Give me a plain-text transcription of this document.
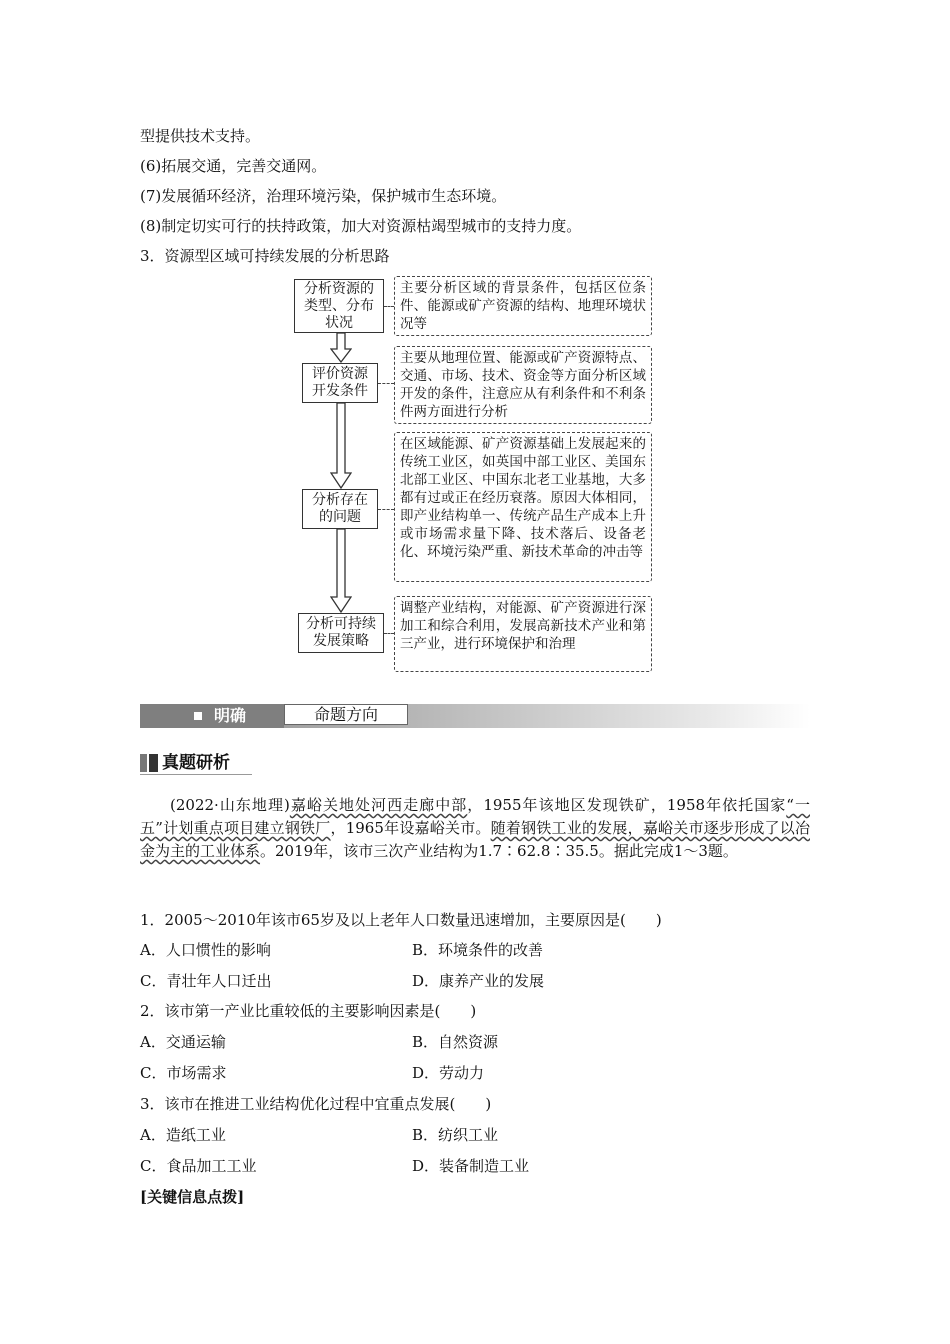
型提供技术支持。
(6)拓展交通，完善交通网。
(7)发展循环经济，治理环境污染，保护城市生态环境。
(8)制定切实可行的扶持政策，加大对资源枯竭型城市的支持力度。
3．资源型区域可持续发展的分析思路
分析资源的类型、分布状况
评价资源开发条件
分析存在的问题
分析可持续发展策略
主要分析区域的背景条件，包括区位条件、能源或矿产资源的结构、地理环境状况等
主要从地理位置、能源或矿产资源特点、交通、市场、技术、资金等方面分析区域开发的条件，注意应从有利条件和不利条件两方面进行分析
在区域能源、矿产资源基础上发展起来的传统工业区，如英国中部工业区、美国东北部工业区、中国东北老工业基地，大多都有过或正在经历衰落。原因大体相同，即产业结构单一、传统产品生产成本上升或市场需求量下降、技术落后、设备老化、环境污染严重、新技术革命的冲击等
调整产业结构，对能源、矿产资源进行深加工和综合利用，发展高新技术产业和第三产业，进行环境保护和治理
明确	命题方向
真题研析
(2022·山东地理)嘉峪关地处河西走廊中部，1955年该地区发现铁矿，1958年依托国家“一五”计划重点项目建立钢铁厂，1965年设嘉峪关市。随着钢铁工业的发展，嘉峪关市逐步形成了以冶金为主的工业体系。2019年，该市三次产业结构为1.7∶62.8∶35.5。据此完成1～3题。
1．2005～2010年该市65岁及以上老年人口数量迅速增加，主要原因是(　　)
A．人口惯性的影响	B．环境条件的改善
C．青壮年人口迁出	D．康养产业的发展
2．该市第一产业比重较低的主要影响因素是(　　)
A．交通运输	B．自然资源
C．市场需求	D．劳动力
3．该市在推进工业结构优化过程中宜重点发展(　　)
A．造纸工业	B．纺织工业
C．食品加工工业	D．装备制造工业
[关键信息点拨]
